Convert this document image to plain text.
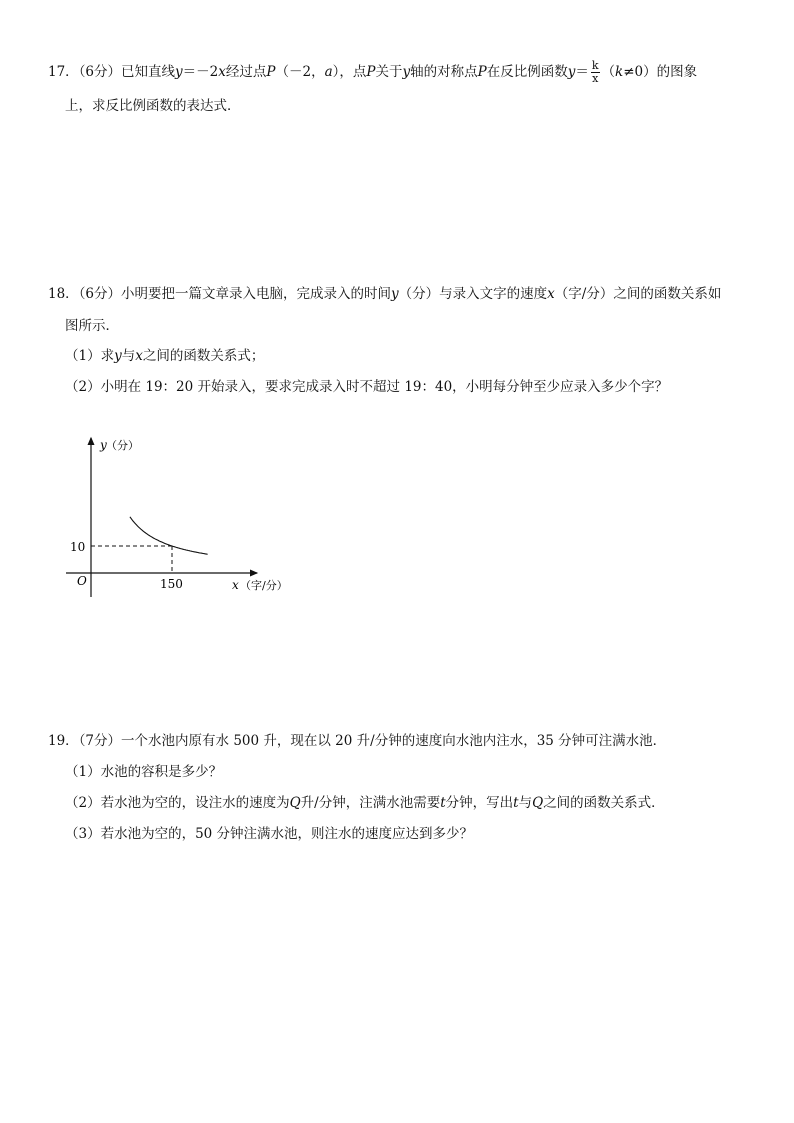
17．（6分）已知直线y＝－2x经过点P（－2，a），点P关于y轴的对称点P在反比例函数$y= \frac{k}{x} (k\ne 0)$的图象
上，求反比例函数的表达式．
18．（6分）小明要把一篇文章录入电脑，完成录入的时间y（分）与录入文字的速度x（字/分）之间的函数关系如
图所示．
（1）求y与x之间的函数关系式；
（2）小明在 19：20 开始录入，要求完成录入时不超过 19：40，小明每分钟至少应录入多少个字？
y （分）
x （字/分）
O
10
150
19．（7分）一个水池内原有水 500 升，现在以 20 升/分钟的速度向水池内注水，35 分钟可注满水池．
（1）水池的容积是多少？
（2）若水池为空的，设注水的速度为Q升/分钟，注满水池需要t分钟，写出t与Q之间的函数关系式．
（3）若水池为空的，50 分钟注满水池，则注水的速度应达到多少？
